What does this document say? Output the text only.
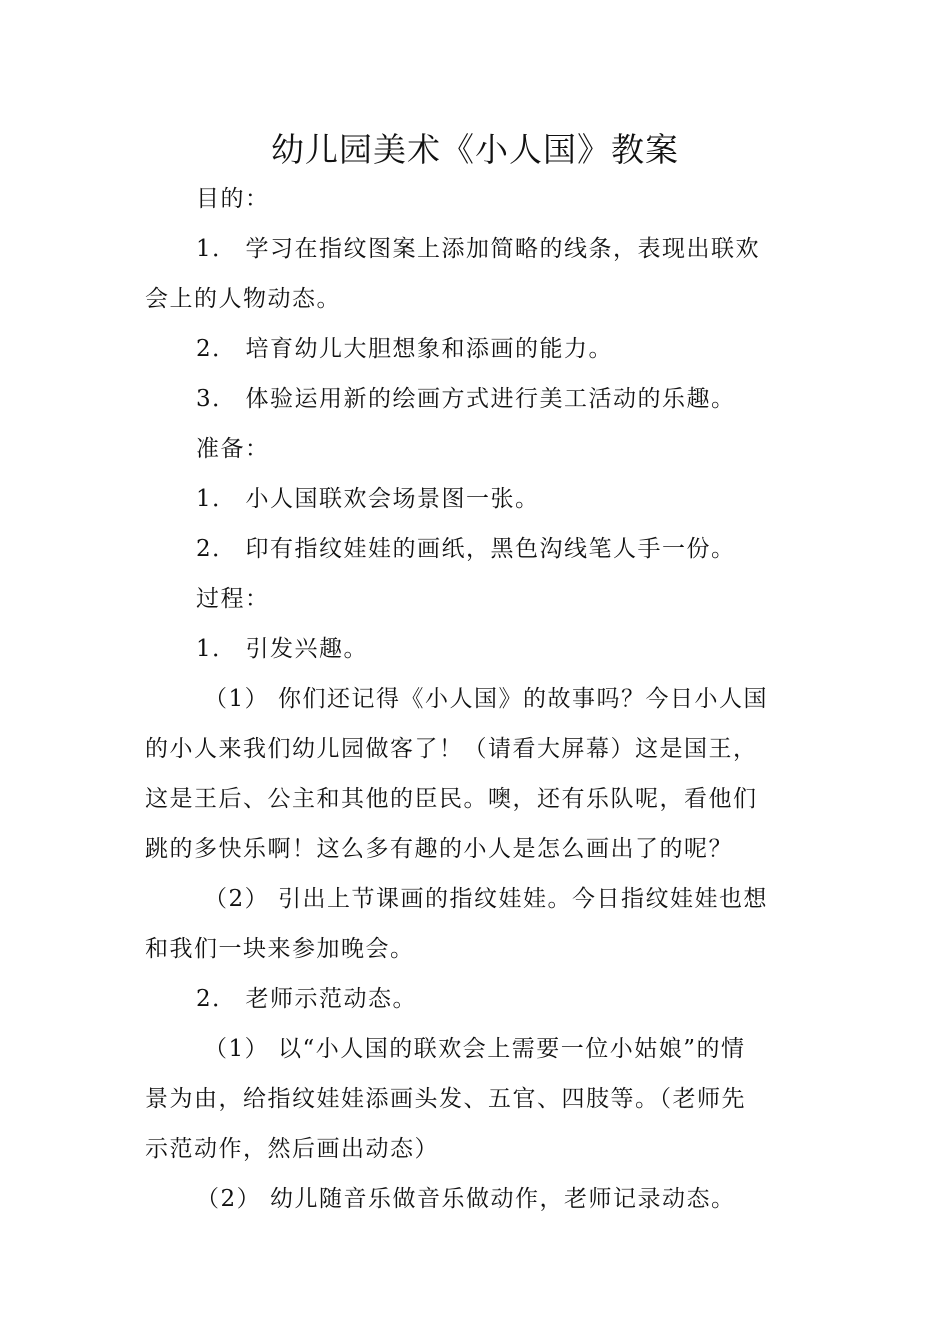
幼儿园美术《小人国》教案
目的：
1． 学习在指纹图案上添加简略的线条，表现出联欢
会上的人物动态。
2． 培育幼儿大胆想象和添画的能力。
3． 体验运用新的绘画方式进行美工活动的乐趣。
准备：
1． 小人国联欢会场景图一张。
2． 印有指纹娃娃的画纸，黑色沟线笔人手一份。
过程：
1． 引发兴趣。
（1） 你们还记得《小人国》的故事吗？今日小人国
的小人来我们幼儿园做客了！（请看大屏幕）这是国王，
这是王后、公主和其他的臣民。噢，还有乐队呢，看他们
跳的多快乐啊！这么多有趣的小人是怎么画出了的呢？
（2） 引出上节课画的指纹娃娃。今日指纹娃娃也想
和我们一块来参加晚会。
2． 老师示范动态。
（1） 以“小人国的联欢会上需要一位小姑娘”的情
景为由，给指纹娃娃添画头发、五官、四肢等。（老师先
示范动作，然后画出动态）
（2） 幼儿随音乐做音乐做动作，老师记录动态。
